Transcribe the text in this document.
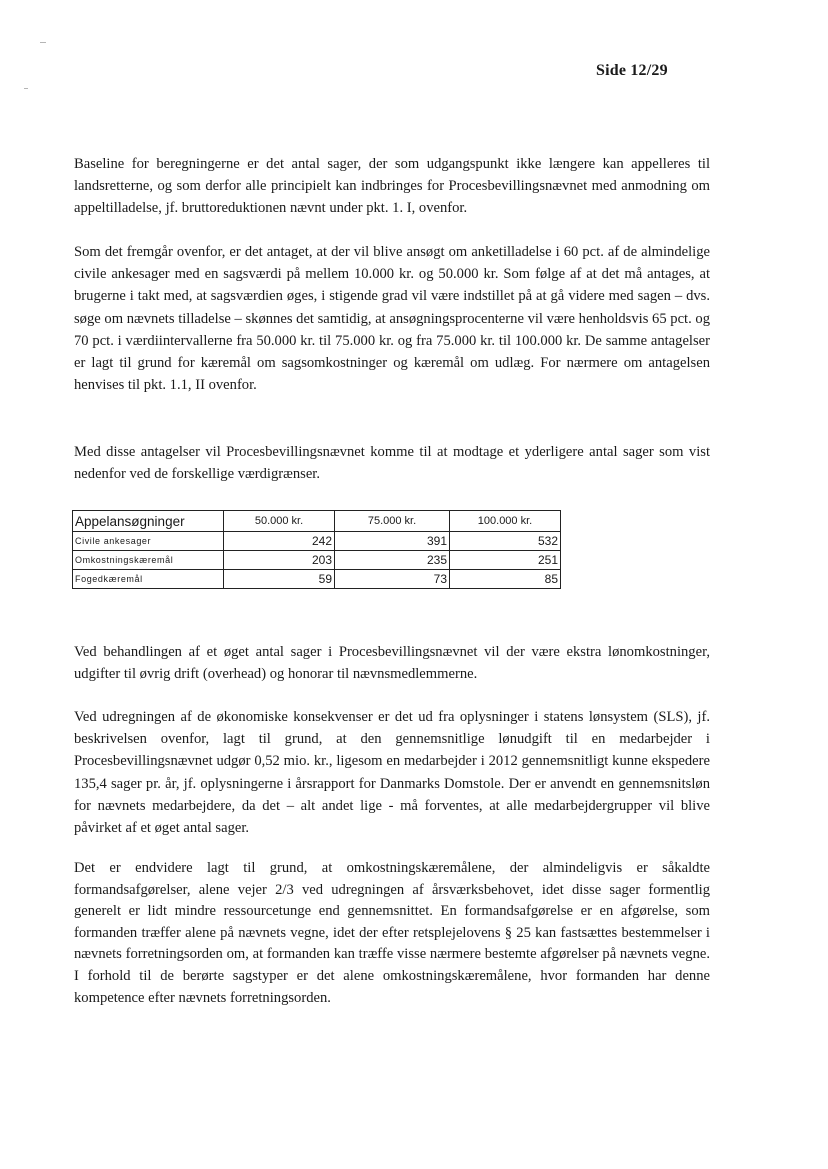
Side 12/29

Baseline for beregningerne er det antal sager, der som udgangspunkt ikke længere kan appelleres til landsretterne, og som derfor alle principielt kan indbringes for Procesbevillingsnævnet med anmodning om appeltilladelse, jf. bruttoreduktionen nævnt under pkt. 1. I, ovenfor.

Som det fremgår ovenfor, er det antaget, at der vil blive ansøgt om anketilladelse i 60 pct. af de almindelige civile ankesager med en sagsværdi på mellem 10.000 kr. og 50.000 kr. Som følge af at det må antages, at brugerne i takt med, at sagsværdien øges, i stigende grad vil være indstillet på at gå videre med sagen – dvs. søge om nævnets tilladelse – skønnes det samtidig, at ansøgningsprocenterne vil være henholdsvis 65 pct. og 70 pct. i værdiintervallerne fra 50.000 kr. til 75.000 kr. og fra 75.000 kr. til 100.000 kr. De samme antagelser er lagt til grund for kæremål om sagsomkostninger og kæremål om udlæg. For nærmere om antagelsen henvises til pkt. 1.1, II ovenfor.

Med disse antagelser vil Procesbevillingsnævnet komme til at modtage et yderligere antal sager som vist nedenfor ved de forskellige værdigrænser.

Appelansøgninger	50.000 kr.	75.000 kr.	100.000 kr.
Civile ankesager	242	391	532
Omkostningskæremål	203	235	251
Fogedkæremål	59	73	85

Ved behandlingen af et øget antal sager i Procesbevillingsnævnet vil der være ekstra lønomkostninger, udgifter til øvrig drift (overhead) og honorar til nævnsmedlemmerne.

Ved udregningen af de økonomiske konsekvenser er det ud fra oplysninger i statens lønsystem (SLS), jf. beskrivelsen ovenfor, lagt til grund, at den gennemsnitlige lønudgift til en medarbejder i Procesbevillingsnævnet udgør 0,52 mio. kr., ligesom en medarbejder i 2012 gennemsnitligt kunne ekspedere 135,4 sager pr. år, jf. oplysningerne i årsrapport for Danmarks Domstole. Der er anvendt en gennemsnitsløn for nævnets medarbejdere, da det – alt andet lige - må forventes, at alle medarbejdergrupper vil blive påvirket af et øget antal sager.

Det er endvidere lagt til grund, at omkostningskæremålene, der almindeligvis er såkaldte formandsafgørelser, alene vejer 2/3 ved udregningen af årsværksbehovet, idet disse sager formentlig generelt er lidt mindre ressourcetunge end gennemsnittet. En formandsafgørelse er en afgørelse, som formanden træffer alene på nævnets vegne, idet der efter retsplejelovens § 25 kan fastsættes bestemmelser i nævnets forretningsorden om, at formanden kan træffe visse nærmere bestemte afgørelser på nævnets vegne. I forhold til de berørte sagstyper er det alene omkostningskæremålene, hvor formanden har denne kompetence efter nævnets forretningsorden.
